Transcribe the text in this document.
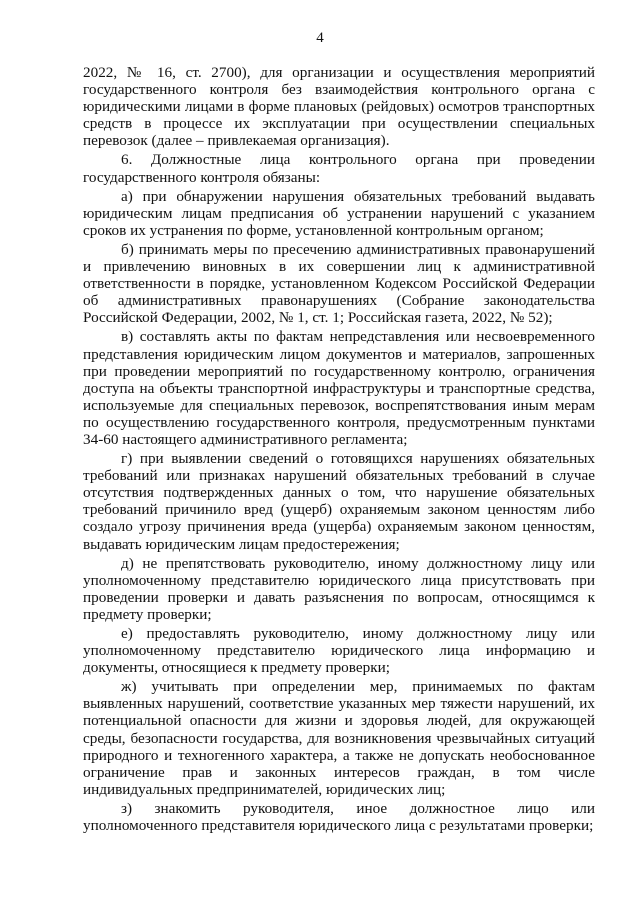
4

2022, № 16, ст. 2700), для организации и осуществления мероприятий государственного контроля без взаимодействия контрольного органа с юридическими лицами в форме плановых (рейдовых) осмотров транспортных средств в процессе их эксплуатации при осуществлении специальных перевозок (далее – привлекаемая организация).

6. Должностные лица контрольного органа при проведении государственного контроля обязаны:

а) при обнаружении нарушения обязательных требований выдавать юридическим лицам предписания об устранении нарушений с указанием сроков их устранения по форме, установленной контрольным органом;

б) принимать меры по пресечению административных правонарушений и привлечению виновных в их совершении лиц к административной ответственности в порядке, установленном Кодексом Российской Федерации об административных правонарушениях (Собрание законодательства Российской Федерации, 2002, № 1, ст. 1; Российская газета, 2022, № 52);

в) составлять акты по фактам непредставления или несвоевременного представления юридическим лицом документов и материалов, запрошенных при проведении мероприятий по государственному контролю, ограничения доступа на объекты транспортной инфраструктуры и транспортные средства, используемые для специальных перевозок, воспрепятствования иным мерам по осуществлению государственного контроля, предусмотренным пунктами 34-60 настоящего административного регламента;

г) при выявлении сведений о готовящихся нарушениях обязательных требований или признаках нарушений обязательных требований в случае отсутствия подтвержденных данных о том, что нарушение обязательных требований причинило вред (ущерб) охраняемым законом ценностям либо создало угрозу причинения вреда (ущерба) охраняемым законом ценностям, выдавать юридическим лицам предостережения;

д) не препятствовать руководителю, иному должностному лицу или уполномоченному представителю юридического лица присутствовать при проведении проверки и давать разъяснения по вопросам, относящимся к предмету проверки;

е) предоставлять руководителю, иному должностному лицу или уполномоченному представителю юридического лица информацию и документы, относящиеся к предмету проверки;

ж) учитывать при определении мер, принимаемых по фактам выявленных нарушений, соответствие указанных мер тяжести нарушений, их потенциальной опасности для жизни и здоровья людей, для окружающей среды, безопасности государства, для возникновения чрезвычайных ситуаций природного и техногенного характера, а также не допускать необоснованное ограничение прав и законных интересов граждан, в том числе индивидуальных предпринимателей, юридических лиц;

з) знакомить руководителя, иное должностное лицо или уполномоченного представителя юридического лица с результатами проверки;
